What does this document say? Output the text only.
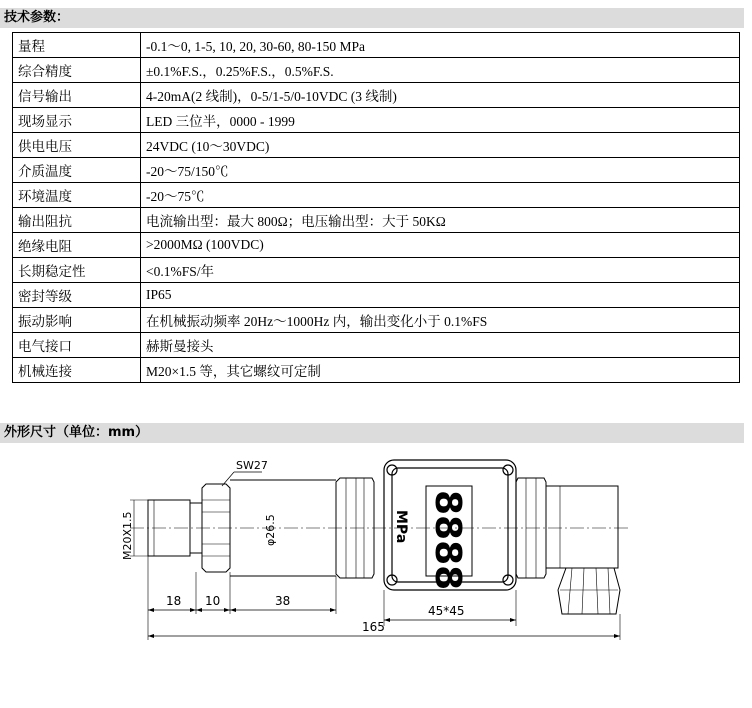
技术参数：
量程	-0.1～0, 1-5, 10, 20, 30-60, 80-150 MPa
综合精度	±0.1%F.S.，0.25%F.S.，0.5%F.S.
信号输出	4-20mA(2 线制)，0-5/1-5/0-10VDC (3 线制)
现场显示	LED 三位半，0000 - 1999
供电电压	24VDC (10～30VDC)
介质温度	-20～75/150℃
环境温度	-20～75℃
输出阻抗	电流输出型：最大 800Ω；电压输出型：大于 50KΩ
绝缘电阻	>2000MΩ (100VDC)
长期稳定性	<0.1%FS/年
密封等级	IP65
振动影响	在机械振动频率 20Hz～1000Hz 内，输出变化小于 0.1%FS
电气接口	赫斯曼接头
机械连接	M20×1.5 等，其它螺纹可定制
外形尺寸（单位：mm）
SW27
φ26.5	8888
MPa
M20X1.5
18 10	38
45*45
165
